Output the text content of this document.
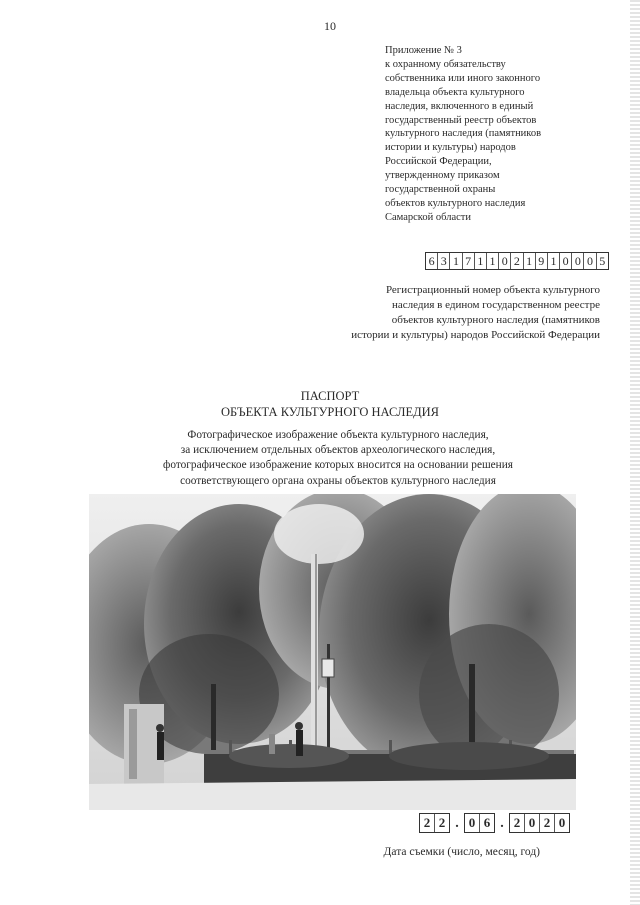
10
Приложение № 3
к охранному обязательству
собственника или иного законного
владельца объекта культурного
наследия, включенного в единый
государственный реестр объектов
культурного наследия (памятников
истории и культуры) народов
Российской Федерации,
утвержденному приказом
государственной охраны
объектов культурного наследия
Самарской области
6 3 1 7 1 1 0 2 1 9 1 0 0 0 5
Регистрационный номер объекта культурного
наследия в едином государственном реестре
объектов культурного наследия (памятников
истории и культуры) народов Российской Федерации
ПАСПОРТ
ОБЪЕКТА КУЛЬТУРНОГО НАСЛЕДИЯ
Фотографическое изображение объекта культурного наследия,
за исключением отдельных объектов археологического наследия,
фотографическое изображение которых вносится на основании решения
соответствующего органа охраны объектов культурного наследия
2 2 . 0 6 . 2 0 2 0
Дата съемки (число, месяц, год)
